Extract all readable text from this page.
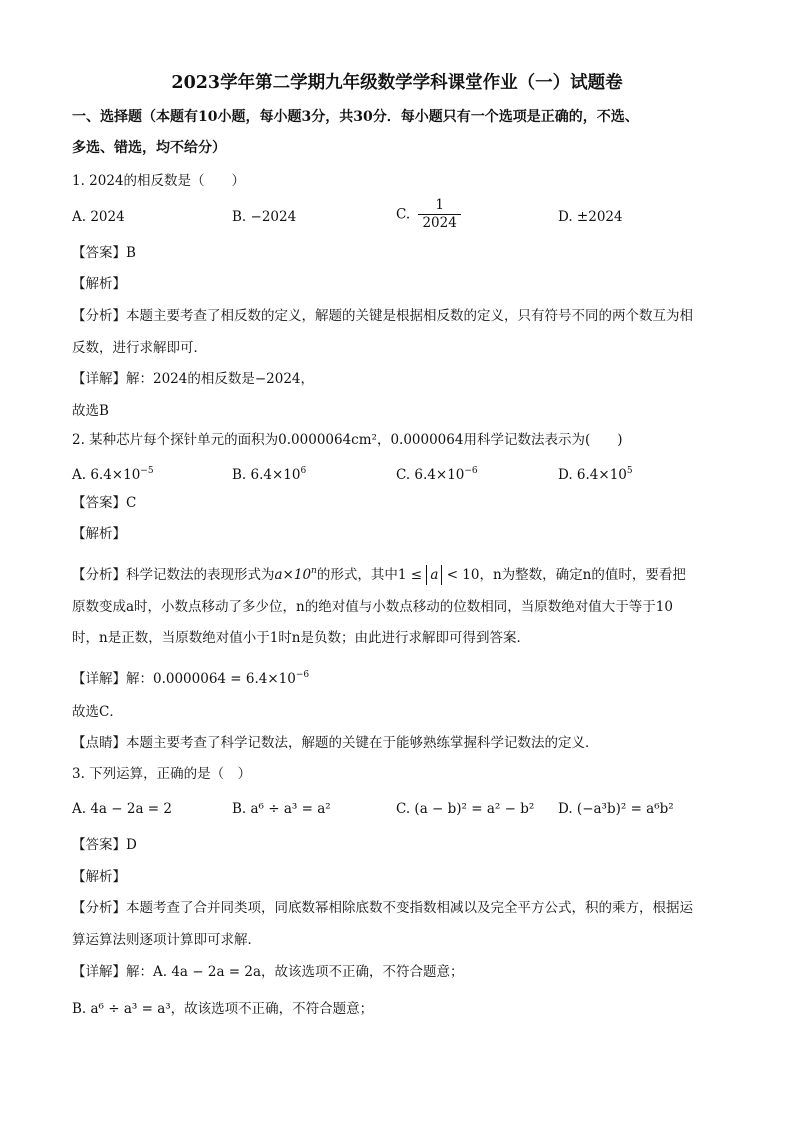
2023学年第二学期九年级数学学科课堂作业（一）试题卷
一、选择题（本题有10小题，每小题3分，共30分．每小题只有一个选项是正确的，不选、
多选、错选，均不给分）
1. 2024的相反数是（　　）
A. 2024	B. −2024	C. $\frac{1}{2024}$	D. ±2024
【答案】B
【解析】
【分析】本题主要考查了相反数的定义，解题的关键是根据相反数的定义，只有符号不同的两个数互为相
反数，进行求解即可．
【详解】解：2024的相反数是−2024，
故选B
2. 某种芯片每个探针单元的面积为0.0000064cm²，0.0000064用科学记数法表示为(　　)
A. $6.4\times 10^{-5}$	B. $6.4\times 10^6$	C. $6.4\times 10^{-6}$	D. $6.4\times 10^5$
【答案】C
【解析】
【分析】科学记数法的表现形式为$a\times 10^n$的形式，其中1 ≤ a < 10，n为整数，确定n的值时，要看把
原数变成a时，小数点移动了多少位，n的绝对值与小数点移动的位数相同，当原数绝对值大于等于10
时，n是正数，当原数绝对值小于1时n是负数；由此进行求解即可得到答案．
【详解】解：$0.0000064 = 6.4\times 10^{-6}$
故选C．
【点睛】本题主要考查了科学记数法，解题的关键在于能够熟练掌握科学记数法的定义．
3. 下列运算，正确的是（　）
A. 4a − 2a = 2	B. a⁶ ÷ a³ = a²	C. (a − b)² = a² − b² D. (−a³b)² = a⁶b²
【答案】D
【解析】
【分析】本题考查了合并同类项，同底数幂相除底数不变指数相减以及完全平方公式，积的乘方，根据运
算运算法则逐项计算即可求解．
【详解】解：A. 4a − 2a = 2a，故该选项不正确，不符合题意；
B. a⁶ ÷ a³ = a³，故该选项不正确，不符合题意；
